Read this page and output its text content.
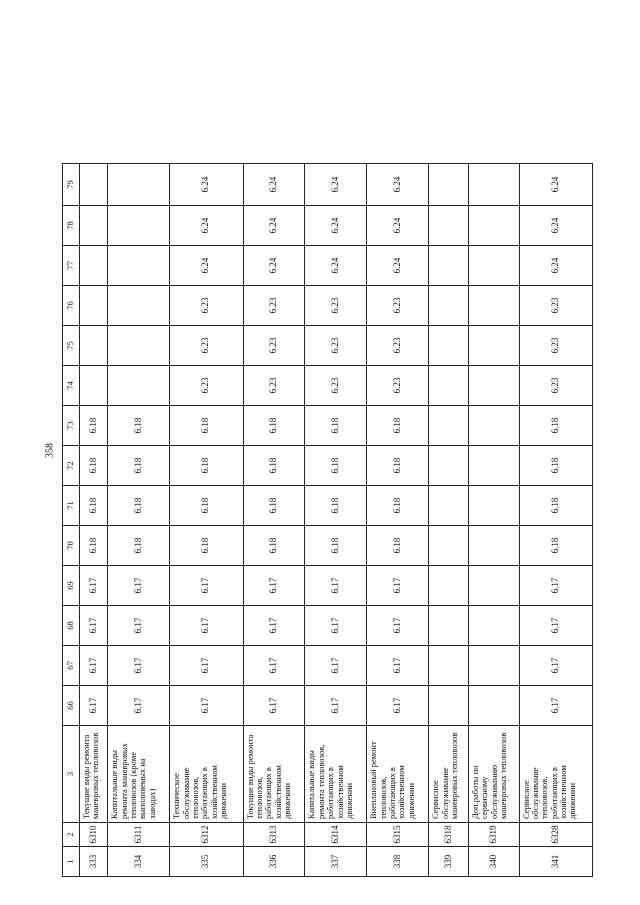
358
1	2	3	66	67	68	69	70	71	72	73	74	75	76	77	78	79
333	6310	Текущие виды ремонта маневровых тепловозов	6.17	6.17	6.17	6.17	6.18	6.18	6.18	6.18						
334	6311	Капитальные виды ремонта маневровых тепловозов (кроме выполняемых на заводах)	6.17	6.17	6.17	6.17	6.18	6.18	6.18	6.18						
335	6312	Техническое обслуживание тепловозов, работающих в хозяйственном движении	6.17	6.17	6.17	6.17	6.18	6.18	6.18	6.18	6.23	6.23	6.23	6.24	6.24	6.24
336	6313	Текущие виды ремонта тепловозов, работающих в хозяйственном движении	6.17	6.17	6.17	6.17	6.18	6.18	6.18	6.18	6.23	6.23	6.23	6.24	6.24	6.24
337	6314	Капитальные виды ремонта тепловозов, работающих в хозяйственном движении	6.17	6.17	6.17	6.17	6.18	6.18	6.18	6.18	6.23	6.23	6.23	6.24	6.24	6.24
338	6315	Внеплановый ремонт тепловозов, работающих в хозяйственном движении	6.17	6.17	6.17	6.17	6.18	6.18	6.18	6.18	6.23	6.23	6.23	6.24	6.24	6.24
339	6318	Сервисное обслуживание маневровых тепловозов														
340	6319	Доп.работы по сервисному обслуживанию маневровых тепловозов														
341	6328	Сервисное обслуживание тепловозов, работающих в хозяйственном движении	6.17	6.17	6.17	6.17	6.18	6.18	6.18	6.18	6.23	6.23	6.23	6.24	6.24	6.24
